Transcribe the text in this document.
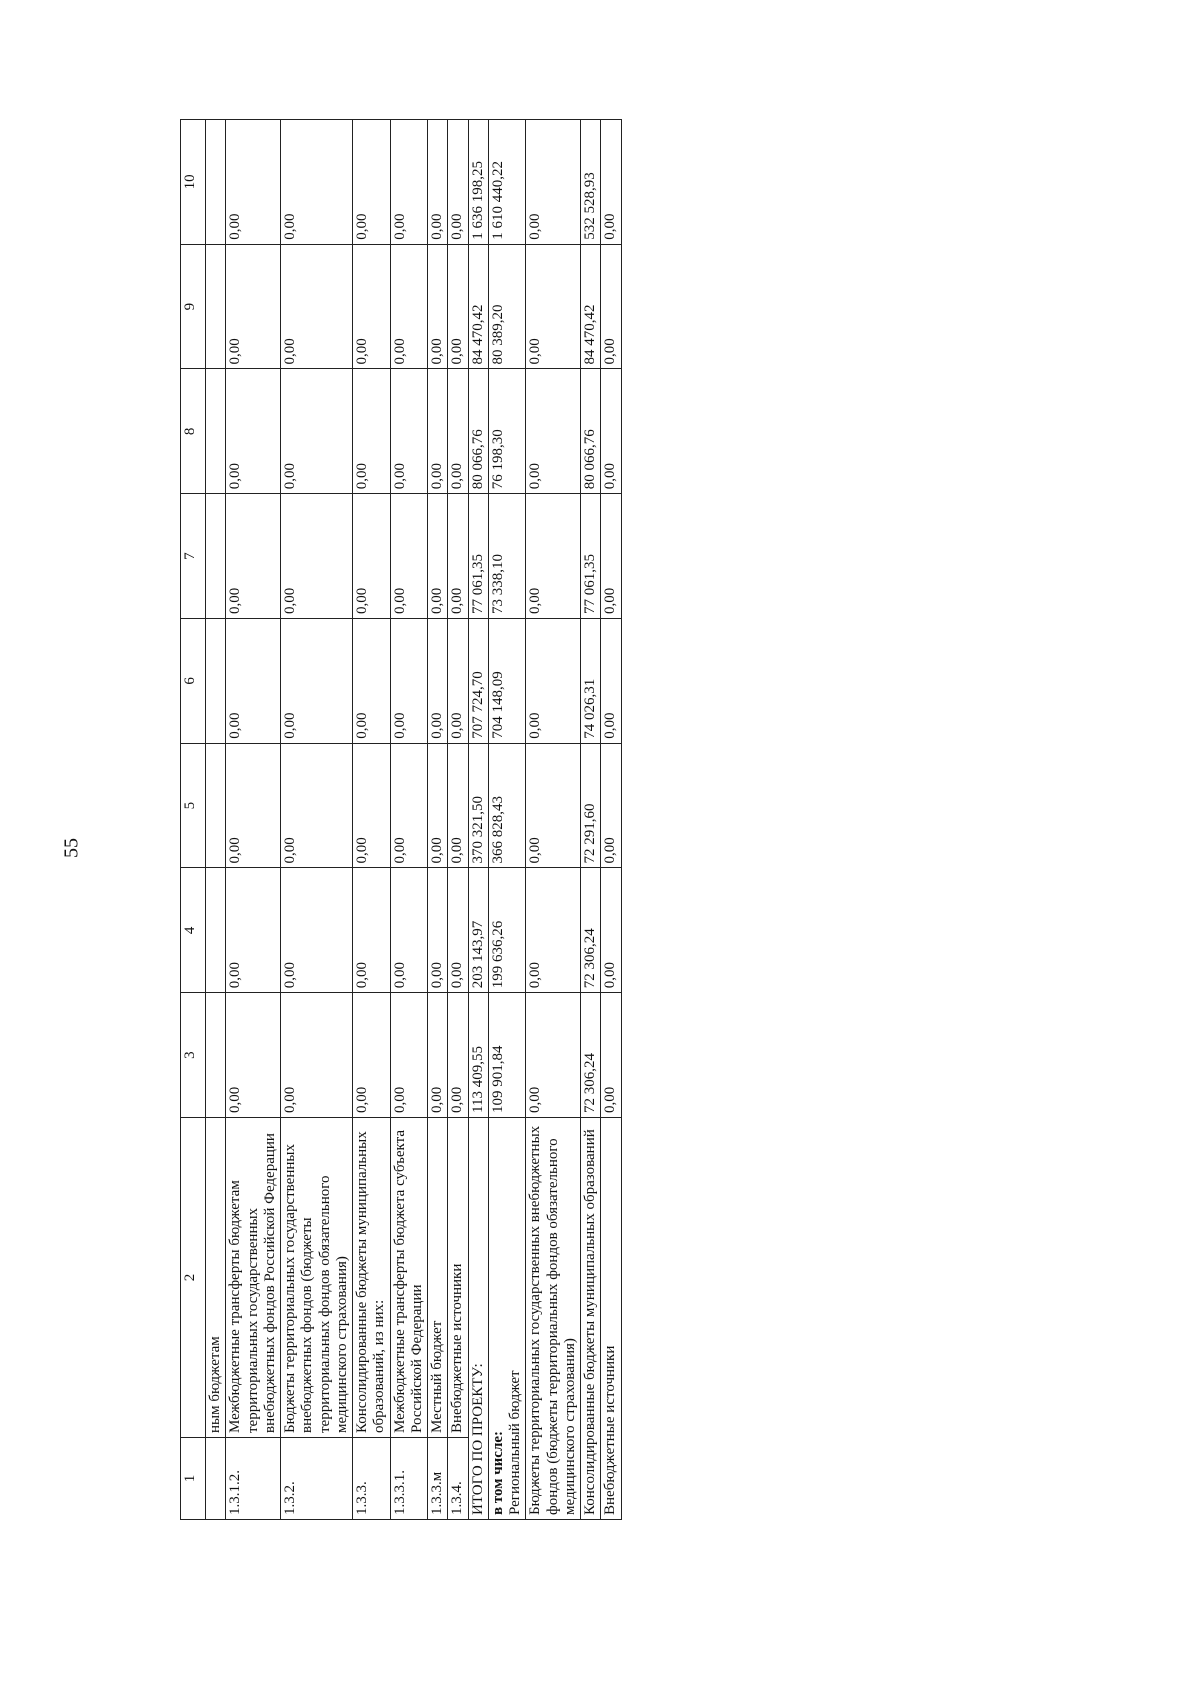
55
1	2	3	4	5	6	7	8	9	10
	ным бюджетам								
1.3.1.2.	Межбюджетные трансферты бюджетам территориальных государственных внебюджетных фондов Российской Федерации	0,00	0,00	0,00	0,00	0,00	0,00	0,00	0,00
1.3.2.	Бюджеты территориальных государственных внебюджетных фондов (бюджеты территориальных фондов обязательного медицинского страхования)	0,00	0,00	0,00	0,00	0,00	0,00	0,00	0,00
1.3.3.	Консолидированные бюджеты муниципальных образований, из них:	0,00	0,00	0,00	0,00	0,00	0,00	0,00	0,00
1.3.3.1.	Межбюджетные трансферты бюджета субъекта Российской Федерации	0,00	0,00	0,00	0,00	0,00	0,00	0,00	0,00
1.3.3.м	Местный бюджет	0,00	0,00	0,00	0,00	0,00	0,00	0,00	0,00
1.3.4.	Внебюджетные источники	0,00	0,00	0,00	0,00	0,00	0,00	0,00	0,00
ИТОГО ПО ПРОЕКТУ:		113 409,55	203 143,97	370 321,50	707 724,70	77 061,35	80 066,76	84 470,42	1 636 198,25

в том числе: Региональный бюджет		109 901,84	199 636,26	366 828,43	704 148,09	73 338,10	76 198,30	80 389,20	1 610 440,22
Бюджеты территориальных государственных внебюджетных фондов (бюджеты территориальных фондов обязательного медицинского страхования)		0,00	0,00	0,00	0,00	0,00	0,00	0,00	0,00
Консолидированные бюджеты муниципальных образований		72 306,24	72 306,24	72 291,60	74 026,31	77 061,35	80 066,76	84 470,42	532 528,93
Внебюджетные источники		0,00	0,00	0,00	0,00	0,00	0,00	0,00	0,00
